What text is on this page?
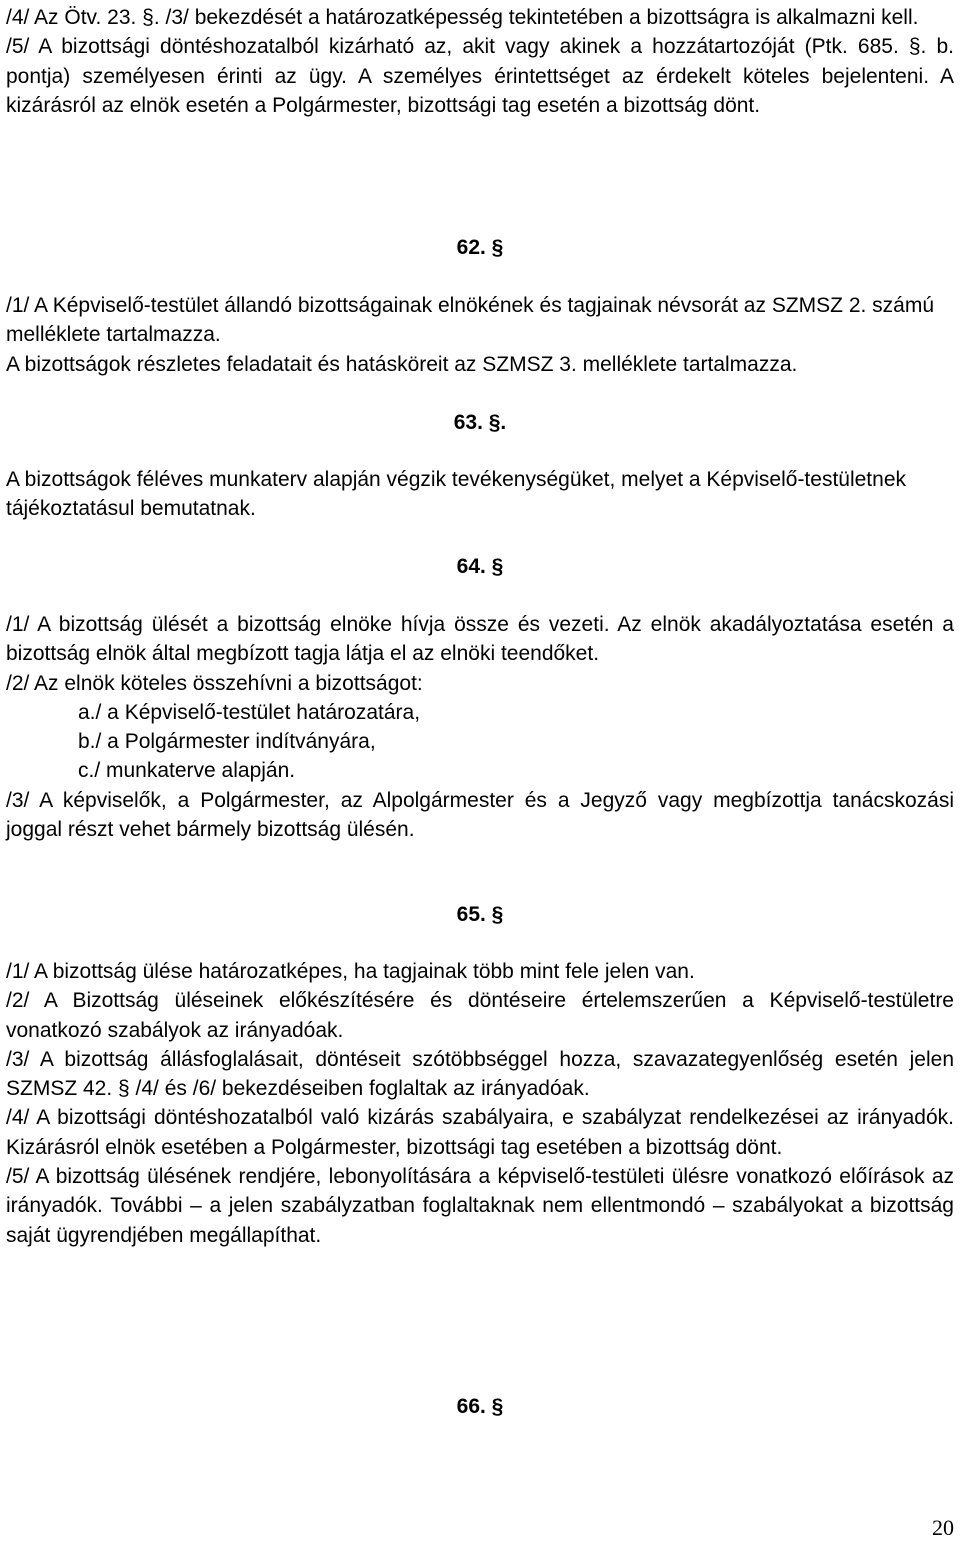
/4/ Az Ötv. 23. §. /3/ bekezdését a határozatképesség tekintetében a bizottságra is alkalmazni kell.
/5/ A bizottsági döntéshozatalból kizárható az, akit vagy akinek a hozzátartozóját (Ptk. 685. §. b. pontja) személyesen érinti az ügy. A személyes érintettséget az érdekelt köteles bejelenteni. A kizárásról az elnök esetén a Polgármester, bizottsági tag esetén a bizottság dönt.
62. §
/1/ A Képviselő-testület állandó bizottságainak elnökének és tagjainak névsorát az SZMSZ 2. számú melléklete tartalmazza.
A bizottságok részletes feladatait és hatásköreit az SZMSZ 3. melléklete tartalmazza.
63. §.
A bizottságok féléves munkaterv alapján végzik tevékenységüket, melyet a Képviselő-testületnek tájékoztatásul bemutatnak.
64. §
/1/ A bizottság ülését a bizottság elnöke hívja össze és vezeti. Az elnök akadályoztatása esetén a bizottság elnök által megbízott tagja látja el az elnöki teendőket.
/2/ Az elnök köteles összehívni a bizottságot:
a./ a Képviselő-testület határozatára,
b./ a Polgármester indítványára,
c./ munkaterve alapján.
/3/ A képviselők, a Polgármester, az Alpolgármester és a Jegyző vagy megbízottja tanácskozási joggal részt vehet bármely bizottság ülésén.
65. §
/1/ A bizottság ülése határozatképes, ha tagjainak több mint fele jelen van.
/2/ A Bizottság üléseinek előkészítésére és döntéseire értelemszerűen a Képviselő-testületre vonatkozó szabályok az irányadóak.
/3/ A bizottság állásfoglalásait, döntéseit szótöbbséggel hozza, szavazategyenlőség esetén jelen SZMSZ 42. § /4/ és /6/ bekezdéseiben foglaltak az irányadóak.
/4/ A bizottsági döntéshozatalból való kizárás szabályaira, e szabályzat rendelkezései az irányadók. Kizárásról elnök esetében a Polgármester, bizottsági tag esetében a bizottság dönt.
/5/ A bizottság ülésének rendjére, lebonyolítására a képviselő-testületi ülésre vonatkozó előírások az irányadók. További – a jelen szabályzatban foglaltaknak nem ellentmondó – szabályokat a bizottság saját ügyrendjében megállapíthat.
66. §
20
